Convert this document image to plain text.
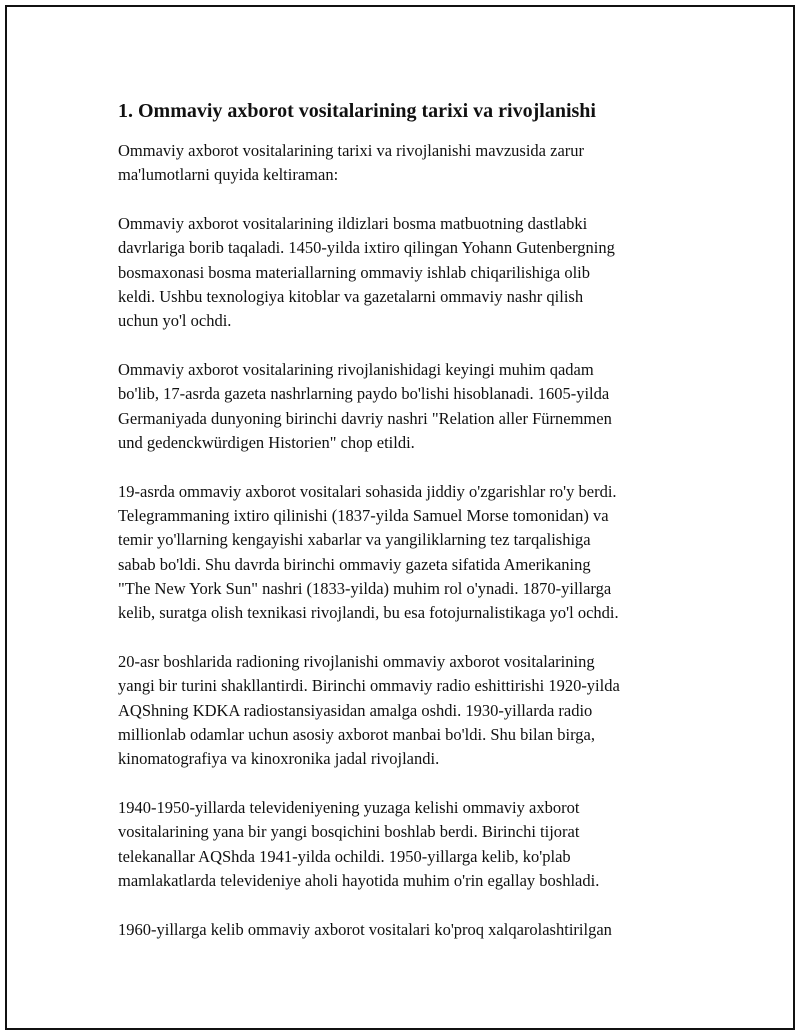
1. Ommaviy axborot vositalarining tarixi va rivojlanishi

Ommaviy axborot vositalarining tarixi va rivojlanishi mavzusida zarur
ma'lumotlarni quyida keltiraman:

Ommaviy axborot vositalarining ildizlari bosma matbuotning dastlabki
davrlariga borib taqaladi. 1450-yilda ixtiro qilingan Yohann Gutenbergning
bosmaxonasi bosma materiallarning ommaviy ishlab chiqarilishiga olib
keldi. Ushbu texnologiya kitoblar va gazetalarni ommaviy nashr qilish
uchun yo'l ochdi.

Ommaviy axborot vositalarining rivojlanishidagi keyingi muhim qadam
bo'lib, 17-asrda gazeta nashrlarning paydo bo'lishi hisoblanadi. 1605-yilda
Germaniyada dunyoning birinchi davriy nashri "Relation aller Fürnemmen
und gedenckwürdigen Historien" chop etildi.

19-asrda ommaviy axborot vositalari sohasida jiddiy o'zgarishlar ro'y berdi.
Telegrammaning ixtiro qilinishi (1837-yilda Samuel Morse tomonidan) va
temir yo'llarning kengayishi xabarlar va yangiliklarning tez tarqalishiga
sabab bo'ldi. Shu davrda birinchi ommaviy gazeta sifatida Amerikaning
"The New York Sun" nashri (1833-yilda) muhim rol o'ynadi. 1870-yillarga
kelib, suratga olish texnikasi rivojlandi, bu esa fotojurnalistikaga yo'l ochdi.

20-asr boshlarida radioning rivojlanishi ommaviy axborot vositalarining
yangi bir turini shakllantirdi. Birinchi ommaviy radio eshittirishi 1920-yilda
AQShning KDKA radiostansiyasidan amalga oshdi. 1930-yillarda radio
millionlab odamlar uchun asosiy axborot manbai bo'ldi. Shu bilan birga,
kinomatografiya va kinoxronika jadal rivojlandi.

1940-1950-yillarda televideniyening yuzaga kelishi ommaviy axborot
vositalarining yana bir yangi bosqichini boshlab berdi. Birinchi tijorat
telekanallar AQShda 1941-yilda ochildi. 1950-yillarga kelib, ko'plab
mamlakatlarda televideniye aholi hayotida muhim o'rin egallay boshladi.

1960-yillarga kelib ommaviy axborot vositalari ko'proq xalqarolashtirilgan
